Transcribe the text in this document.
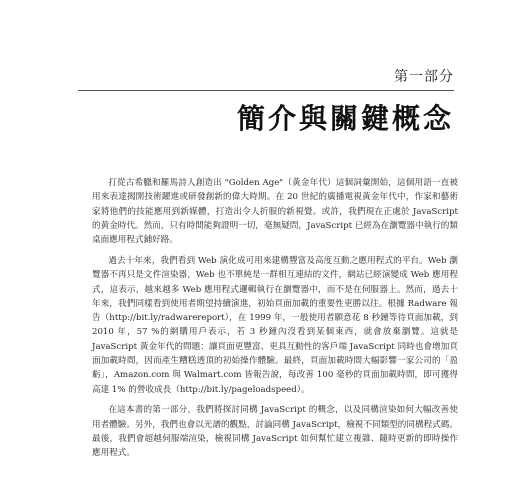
第一部分
簡介與關鍵概念

打從古希臘和羅馬詩人創造出 "Golden Age"（黃金年代）這個詞彙開始，這個用語一直被用來表達揭開技術躍進或研發創新的偉大時期。在 20 世紀的廣播電視黃金年代中，作家和藝術家將他們的技能應用到新媒體，打造出令人折服的新視覺。或許，我們現在正處於 JavaScript 的黃金時代。然而，只有時間能夠證明一切，毫無疑問，JavaScript 已經為在瀏覽器中執行的類桌面應用程式鋪好路。

過去十年來，我們看到 Web 演化成可用來建構豐富及高度互動之應用程式的平台。Web 瀏覽器不再只是文件渲染器，Web 也不單純是一群相互連結的文件，網站已經演變成 Web 應用程式，這表示，越來越多 Web 應用程式邏輯執行在瀏覽器中，而不是在伺服器上。然而，過去十年來，我們同樣看到使用者期望持續演進，初始頁面加載的重要性更勝以往。根據 Radware 報告（http://bit.ly/radwarereport），在 1999 年，一般使用者願意花 8 秒鐘等待頁面加載，到 2010 年，57 %的網購用戶表示，若 3 秒鐘內沒看到某個東西，就會放棄瀏覽。這就是 JavaScript 黃金年代的問題：讓頁面更豐富、更具互動性的客戶端 JavaScript 同時也會增加頁面加載時間，因而產生糟糕透頂的初始操作體驗。最終，頁面加載時間大幅影響一家公司的「盈虧」，Amazon.com 與 Walmart.com 皆報告說，每改善 100 毫秒的頁面加載時間，即可獲得高達 1% 的營收成長（http://bit.ly/pageloadspeed）。

在這本書的第一部分，我們將探討同構 JavaScript 的概念，以及同構渲染如何大幅改善使用者體驗。另外，我們也會以光譜的觀點，討論同構 JavaScript，檢視不同類型的同構程式碼。最後，我們會超越伺服端渲染，檢視同構 JavaScript 如何幫忙建立複雜、隨時更新的即時操作應用程式。
